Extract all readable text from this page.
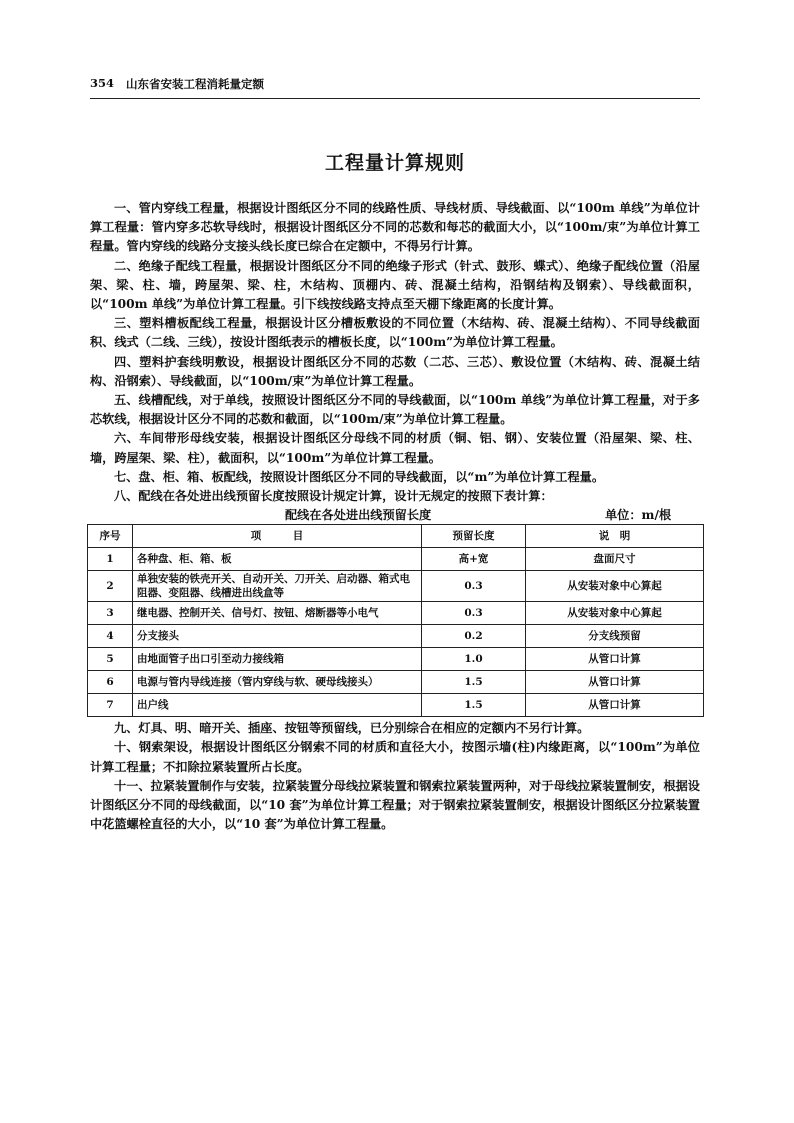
354 山东省安装工程消耗量定额
工程量计算规则

一、管内穿线工程量，根据设计图纸区分不同的线路性质、导线材质、导线截面、以“100m 单线”为单位计算工程量：管内穿多芯软导线时，根据设计图纸区分不同的芯数和每芯的截面大小，以“100m/束”为单位计算工程量。管内穿线的线路分支接头线长度已综合在定额中，不得另行计算。

二、绝缘子配线工程量，根据设计图纸区分不同的绝缘子形式（针式、鼓形、蝶式）、绝缘子配线位置（沿屋架、梁、柱、墙，跨屋架、梁、柱，木结构、顶棚内、砖、混凝土结构，沿钢结构及钢索）、导线截面积，以“100m 单线”为单位计算工程量。引下线按线路支持点至天棚下缘距离的长度计算。

三、塑料槽板配线工程量，根据设计区分槽板敷设的不同位置（木结构、砖、混凝土结构）、不同导线截面积、线式（二线、三线），按设计图纸表示的槽板长度，以“100m”为单位计算工程量。

四、塑料护套线明敷设，根据设计图纸区分不同的芯数（二芯、三芯）、敷设位置（木结构、砖、混凝土结构、沿钢索）、导线截面，以“100m/束”为单位计算工程量。

五、线槽配线，对于单线，按照设计图纸区分不同的导线截面，以“100m 单线”为单位计算工程量，对于多芯软线，根据设计区分不同的芯数和截面，以“100m/束”为单位计算工程量。

六、车间带形母线安装，根据设计图纸区分母线不同的材质（铜、铝、钢）、安装位置（沿屋架、梁、柱、墙，跨屋架、梁、柱），截面积，以“100m”为单位计算工程量。

七、盘、柜、箱、板配线，按照设计图纸区分不同的导线截面，以“m”为单位计算工程量。

八、配线在各处进出线预留长度按照设计规定计算，设计无规定的按照下表计算：

配线在各处进出线预留长度	单位：m/根
序号	项　　　目	预留长度	说　明
1	各种盘、柜、箱、板	高+宽	盘面尺寸
2	单独安装的铁壳开关、自动开关、刀开关、启动器、箱式电阻器、变阻器、线槽进出线盒等	0.3	从安装对象中心算起
3	继电器、控制开关、信号灯、按钮、熔断器等小电气	0.3	从安装对象中心算起
4	分支接头	0.2	分支线预留
5	由地面管子出口引至动力接线箱	1.0	从管口计算
6	电源与管内导线连接（管内穿线与软、硬母线接头）	1.5	从管口计算
7	出户线	1.5	从管口计算

九、灯具、明、暗开关、插座、按钮等预留线，已分别综合在相应的定额内不另行计算。

十、钢索架设，根据设计图纸区分钢索不同的材质和直径大小，按图示墙(柱)内缘距离，以“100m”为单位计算工程量；不扣除拉紧装置所占长度。

十一、拉紧装置制作与安装，拉紧装置分母线拉紧装置和钢索拉紧装置两种，对于母线拉紧装置制安，根据设计图纸区分不同的母线截面，以“10 套”为单位计算工程量；对于钢索拉紧装置制安，根据设计图纸区分拉紧装置中花篮螺栓直径的大小，以“10 套”为单位计算工程量。
